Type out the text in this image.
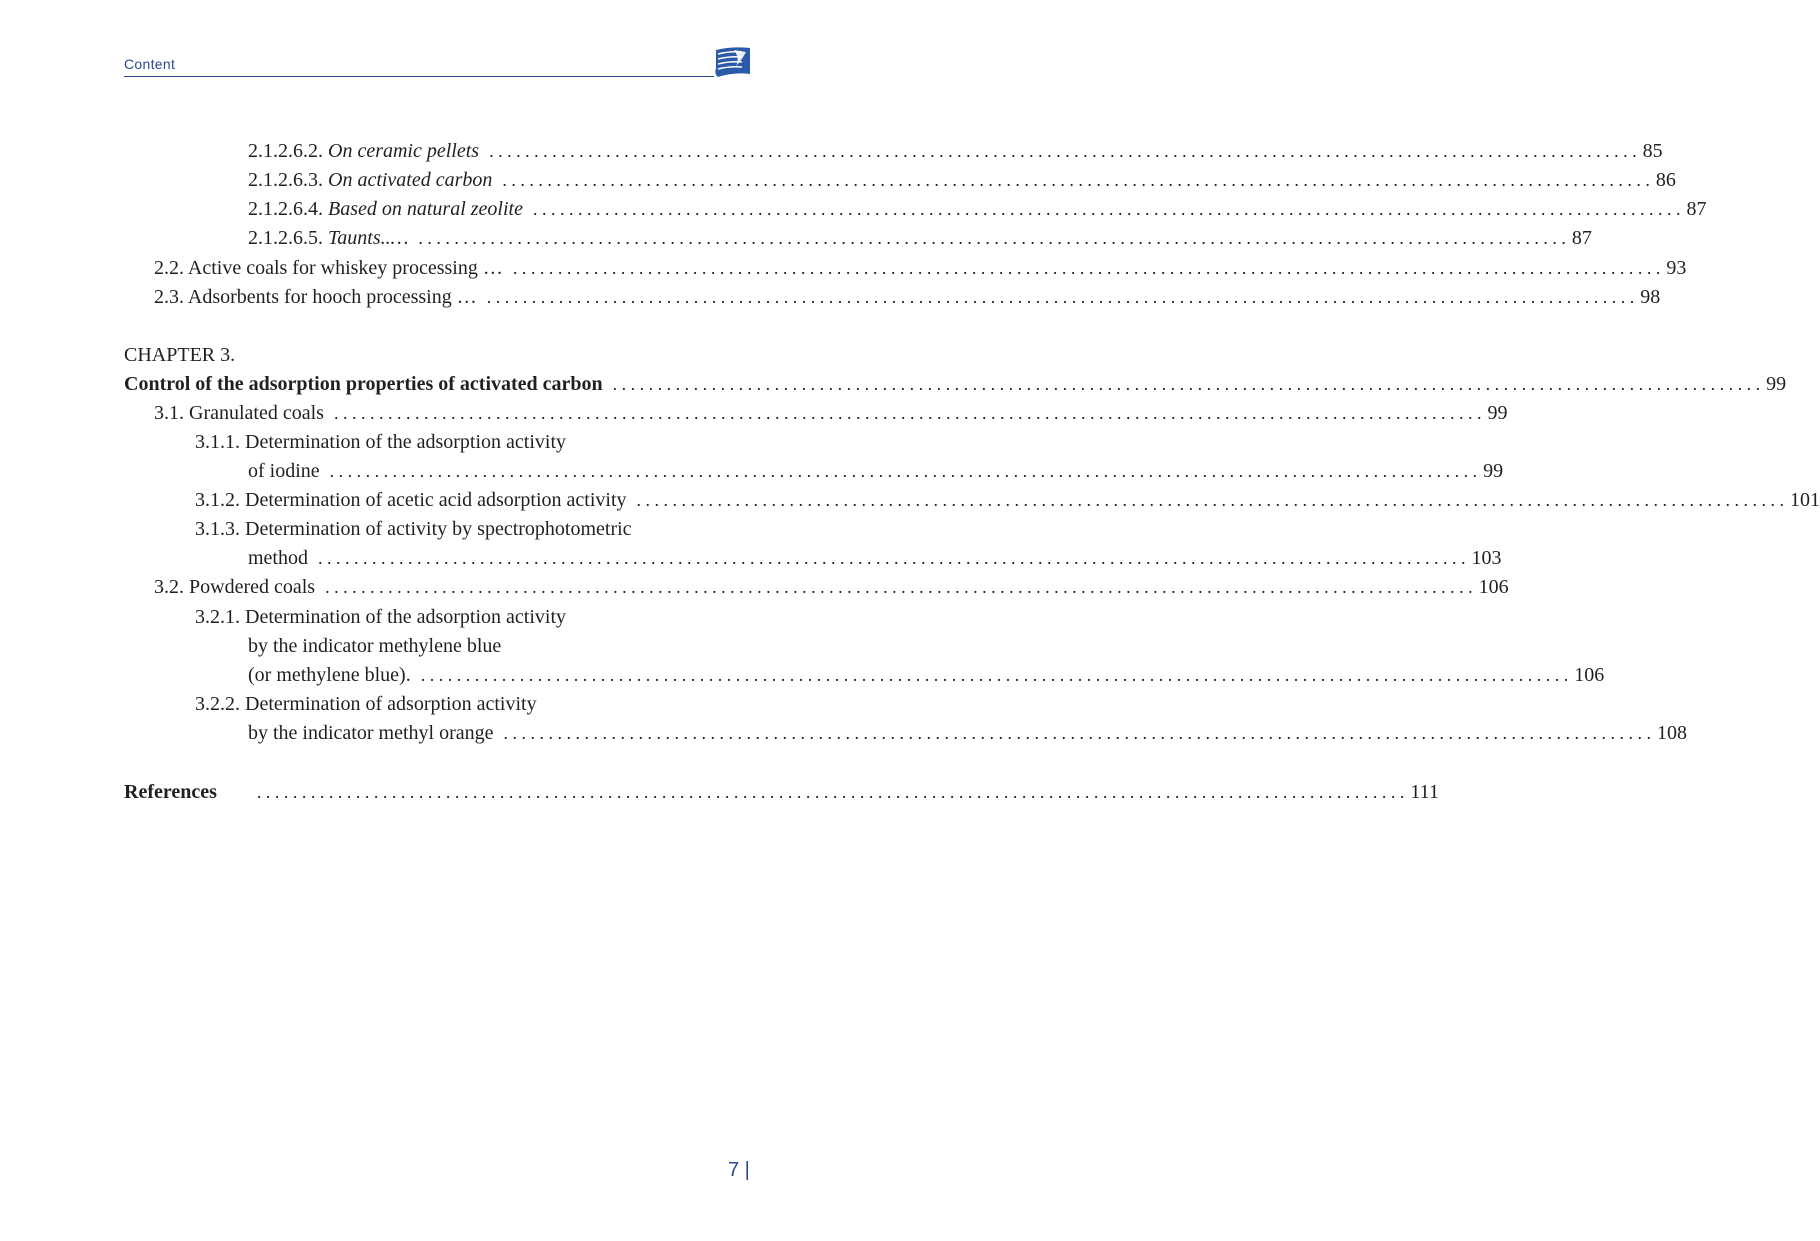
Content
2.1.2.6.2. On ceramic pellets . . .	85
2.1.2.6.3. On activated carbon . . .	86
2.1.2.6.4. Based on natural zeolite . . .	87
2.1.2.6.5. Taunts..… . . .	87
2.2. Active coals for whiskey processing … . . .	93
2.3. Adsorbents for hooch processing … . . .	98
CHAPTER 3.
Control of the adsorption properties of activated carbon . . .	99
3.1. Granulated coals . . .	99
3.1.1. Determination of the adsorption activity
of iodine . . .	99
3.1.2. Determination of acetic acid adsorption activity . . .	101
3.1.3. Determination of activity by spectrophotometric
method . . .	103
3.2. Powdered coals . . .	106
3.2.1. Determination of the adsorption activity
by the indicator methylene blue
(or methylene blue). . . .	106
3.2.2. Determination of adsorption activity
by the indicator methyl orange . . .	108
References . . .	111
7 |
